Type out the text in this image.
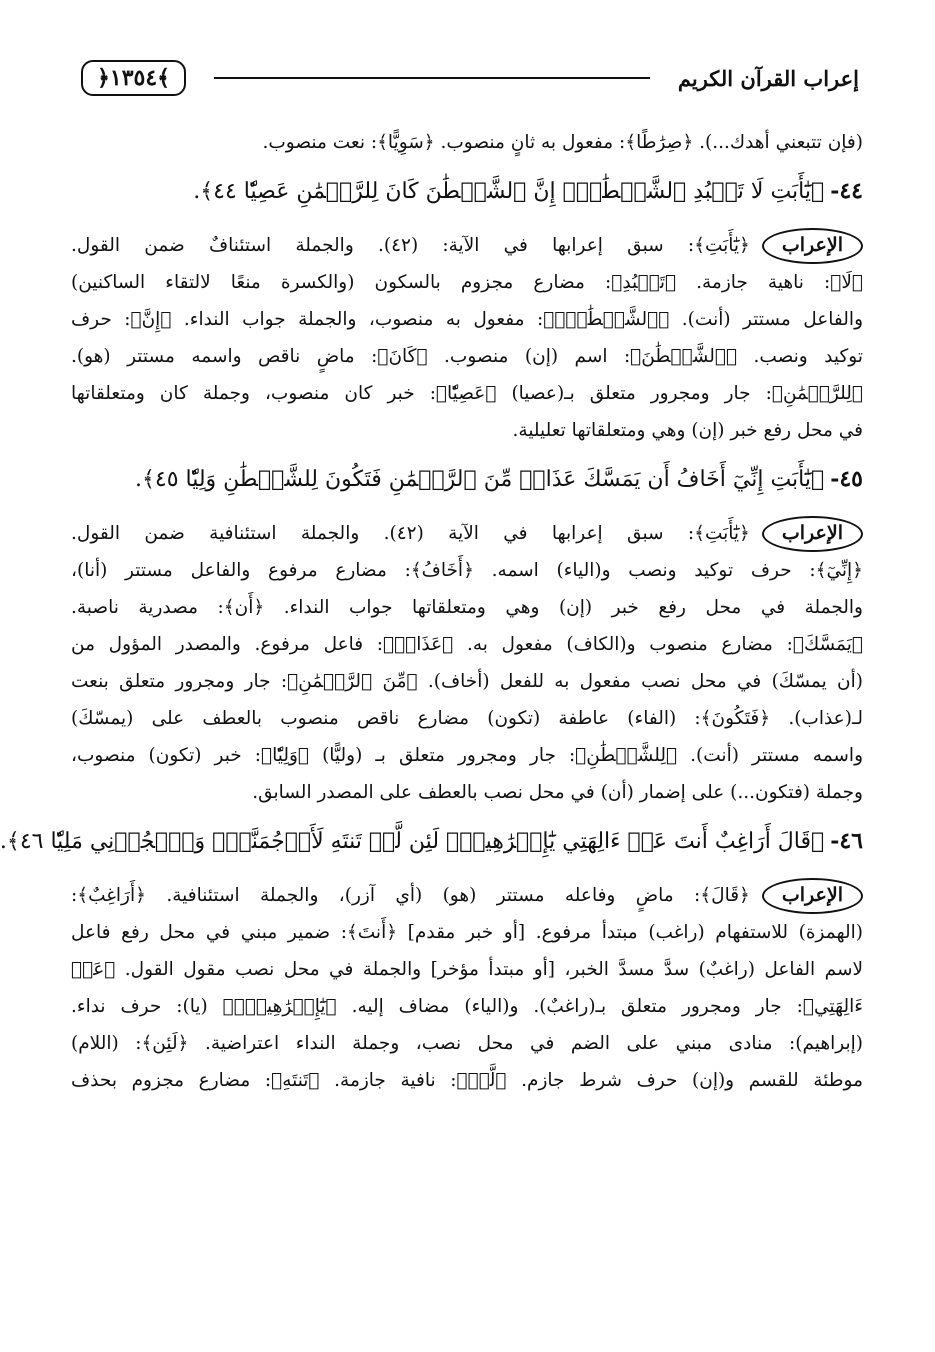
إعراب القرآن الكريم
﴿١٣٥٤﴾
(فإن تتبعني أهدك...). ﴿صِرَٰطًا﴾: مفعول به ثانٍ منصوب. ﴿سَوِيًّا﴾: نعت منصوب.
٤٤-﴿يَٰٓأَبَتِ لَا تَعۡبُدِ ٱلشَّيۡطَٰنَۖ إِنَّ ٱلشَّيۡطَٰنَ كَانَ لِلرَّحۡمَٰنِ عَصِيّٗا ٤٤﴾.
الإعراب﴿يَٰٓأَبَتِ﴾: سبق إعرابها في الآية: (٤٢). والجملة استئنافٌ ضمن القول.
﴿لَا﴾: ناهية جازمة. ﴿تَعۡبُدِ﴾: مضارع مجزوم بالسكون (والكسرة منعًا لالتقاء الساكنين)
والفاعل مستتر (أنت). ﴿ٱلشَّيۡطَٰنَۖ﴾: مفعول به منصوب، والجملة جواب النداء. ﴿إِنَّ﴾: حرف
توكيد ونصب. ﴿ٱلشَّيۡطَٰنَ﴾: اسم (إن) منصوب. ﴿كَانَ﴾: ماضٍ ناقص واسمه مستتر (هو).
﴿لِلرَّحۡمَٰنِ﴾: جار ومجرور متعلق بـ(عصيا) ﴿عَصِيّٗا﴾: خبر كان منصوب، وجملة كان ومتعلقاتها
في محل رفع خبر (إن) وهي ومتعلقاتها تعليلية.
٤٥-﴿يَٰٓأَبَتِ إِنِّيٓ أَخَافُ أَن يَمَسَّكَ عَذَابٞ مِّنَ ٱلرَّحۡمَٰنِ فَتَكُونَ لِلشَّيۡطَٰنِ وَلِيّٗا ٤٥﴾.
الإعراب﴿يَٰٓأَبَتِ﴾: سبق إعرابها في الآية (٤٢). والجملة استئنافية ضمن القول.
﴿إِنِّيٓ﴾: حرف توكيد ونصب و(الياء) اسمه. ﴿أَخَافُ﴾: مضارع مرفوع والفاعل مستتر (أنا)،
والجملة في محل رفع خبر (إن) وهي ومتعلقاتها جواب النداء. ﴿أَن﴾: مصدرية ناصبة.
﴿يَمَسَّكَ﴾: مضارع منصوب و(الكاف) مفعول به. ﴿عَذَابٞ﴾: فاعل مرفوع. والمصدر المؤول من
(أن يمسّكَ) في محل نصب مفعول به للفعل (أخاف). ﴿مِّنَ ٱلرَّحۡمَٰنِ﴾: جار ومجرور متعلق بنعت
لـ(عذاب). ﴿فَتَكُونَ﴾: (الفاء) عاطفة (تكون) مضارع ناقص منصوب بالعطف على (يمسّكَ)
واسمه مستتر (أنت). ﴿لِلشَّيۡطَٰنِ﴾: جار ومجرور متعلق بـ (وليًّا) ﴿وَلِيّٗا﴾: خبر (تكون) منصوب،
وجملة (فتكون...) على إضمار (أن) في محل نصب بالعطف على المصدر السابق.
٤٦-﴿قَالَ أَرَاغِبٌ أَنتَ عَنۡ ءَالِهَتِي يَٰٓإِبۡرَٰهِيمُۖ لَئِن لَّمۡ تَنتَهِ لَأَرۡجُمَنَّكَۖ وَٱهۡجُرۡنِي مَلِيّٗا ٤٦﴾.
الإعراب﴿قَالَ﴾: ماضٍ وفاعله مستتر (هو) (أي آزر)، والجملة استئنافية. ﴿أَرَاغِبٌ﴾:
(الهمزة) للاستفهام (راغب) مبتدأ مرفوع. [أو خبر مقدم] ﴿أَنتَ﴾: ضمير مبني في محل رفع فاعل
لاسم الفاعل (راغبٌ) سدَّ مسدَّ الخبر، [أو مبتدأ مؤخر] والجملة في محل نصب مقول القول. ﴿عَنۡ
ءَالِهَتِي﴾: جار ومجرور متعلق بـ(راغبٌ). و(الياء) مضاف إليه. ﴿يَٰٓإِبۡرَٰهِيمُۖ﴾ (يا): حرف نداء.
(إبراهيم): منادى مبني على الضم في محل نصب، وجملة النداء اعتراضية. ﴿لَئِن﴾: (اللام)
موطئة للقسم و(إن) حرف شرط جازم. ﴿لَّمۡ﴾: نافية جازمة. ﴿تَنتَهِ﴾: مضارع مجزوم بحذف
